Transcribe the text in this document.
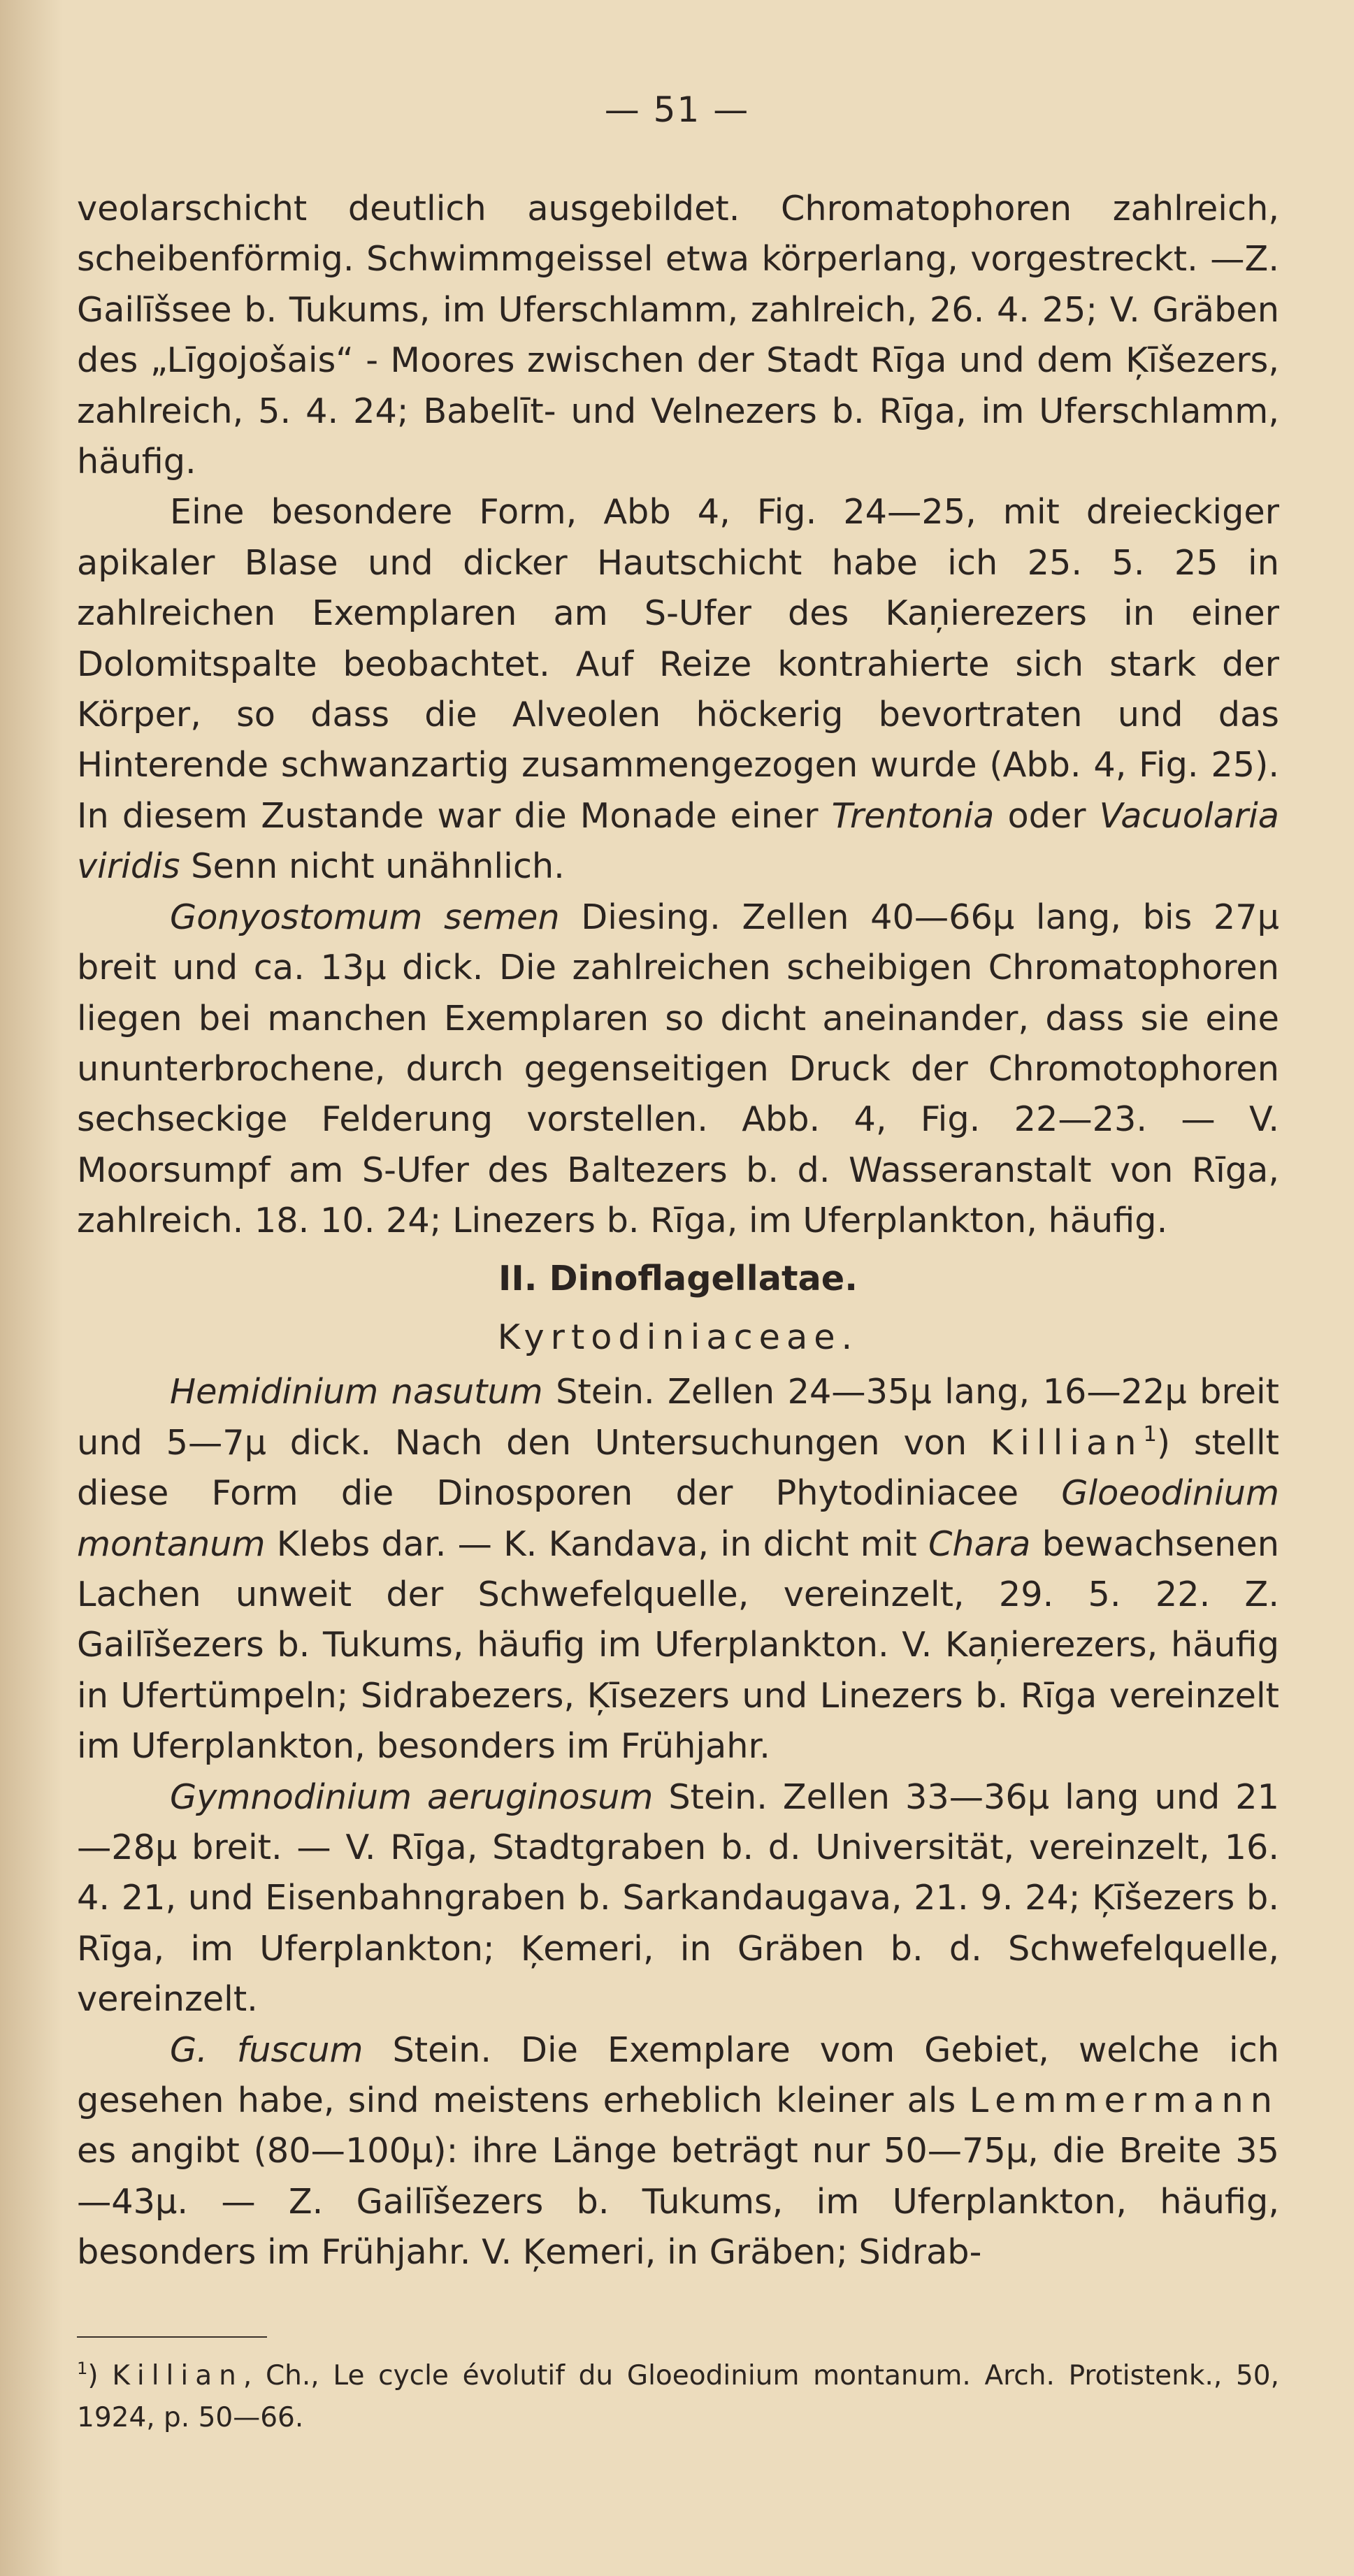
— 51 —

veolarschicht deutlich ausgebildet. Chromatophoren zahlreich, scheibenförmig. Schwimmgeissel etwa körperlang, vorgestreckt. —Z. Gailīšsee b. Tukums, im Uferschlamm, zahlreich, 26. 4. 25; V. Gräben des „Līgojošais“ - Moores zwischen der Stadt Rīga und dem Ķīšezers, zahlreich, 5. 4. 24; Babelīt- und Velnezers b. Rīga, im Uferschlamm, häufig.

Eine besondere Form, Abb 4, Fig. 24—25, mit dreieckiger apikaler Blase und dicker Hautschicht habe ich 25. 5. 25 in zahlreichen Exemplaren am S-Ufer des Kaņierezers in einer Dolomitspalte beobachtet. Auf Reize kontrahierte sich stark der Körper, so dass die Alveolen höckerig bevortraten und das Hinterende schwanzartig zusammengezogen wurde (Abb. 4, Fig. 25). In diesem Zustande war die Monade einer Trentonia oder Vacuolaria viridis Senn nicht unähnlich.

Gonyostomum semen Diesing. Zellen 40—66µ lang, bis 27µ breit und ca. 13µ dick. Die zahlreichen scheibigen Chromatophoren liegen bei manchen Exemplaren so dicht aneinander, dass sie eine ununterbrochene, durch gegenseitigen Druck der Chromotophoren sechseckige Felderung vorstellen. Abb. 4, Fig. 22—23. — V. Moorsumpf am S-Ufer des Baltezers b. d. Wasseranstalt von Rīga, zahlreich. 18. 10. 24; Linezers b. Rīga, im Uferplankton, häufig.

II. Dinoflagellatae.

Kyrtodiniaceae.

Hemidinium nasutum Stein. Zellen 24—35µ lang, 16—22µ breit und 5—7µ dick. Nach den Untersuchungen von Killian$^1$) stellt diese Form die Dinosporen der Phytodiniacee Gloeodinium montanum Klebs dar. — K. Kandava, in dicht mit Chara bewachsenen Lachen unweit der Schwefelquelle, vereinzelt, 29. 5. 22. Z. Gailīšezers b. Tukums, häufig im Uferplankton. V. Kaņierezers, häufig in Ufertümpeln; Sidrabezers, Ķīsezers und Linezers b. Rīga vereinzelt im Uferplankton, besonders im Frühjahr.

Gymnodinium aeruginosum Stein. Zellen 33—36µ lang und 21—28µ breit. — V. Rīga, Stadtgraben b. d. Universität, vereinzelt, 16. 4. 21, und Eisenbahngraben b. Sarkandaugava, 21. 9. 24; Ķīšezers b. Rīga, im Uferplankton; Ķemeri, in Gräben b. d. Schwefelquelle, vereinzelt.

G. fuscum Stein. Die Exemplare vom Gebiet, welche ich gesehen habe, sind meistens erheblich kleiner als Lemmermann es angibt (80—100µ): ihre Länge beträgt nur 50—75µ, die Breite 35—43µ. — Z. Gailīšezers b. Tukums, im Uferplankton, häufig, besonders im Frühjahr. V. Ķemeri, in Gräben; Sidrab-

$^1$) Killian, Ch., Le cycle évolutif du Gloeodinium montanum. Arch. Protistenk., 50, 1924, p. 50—66.
